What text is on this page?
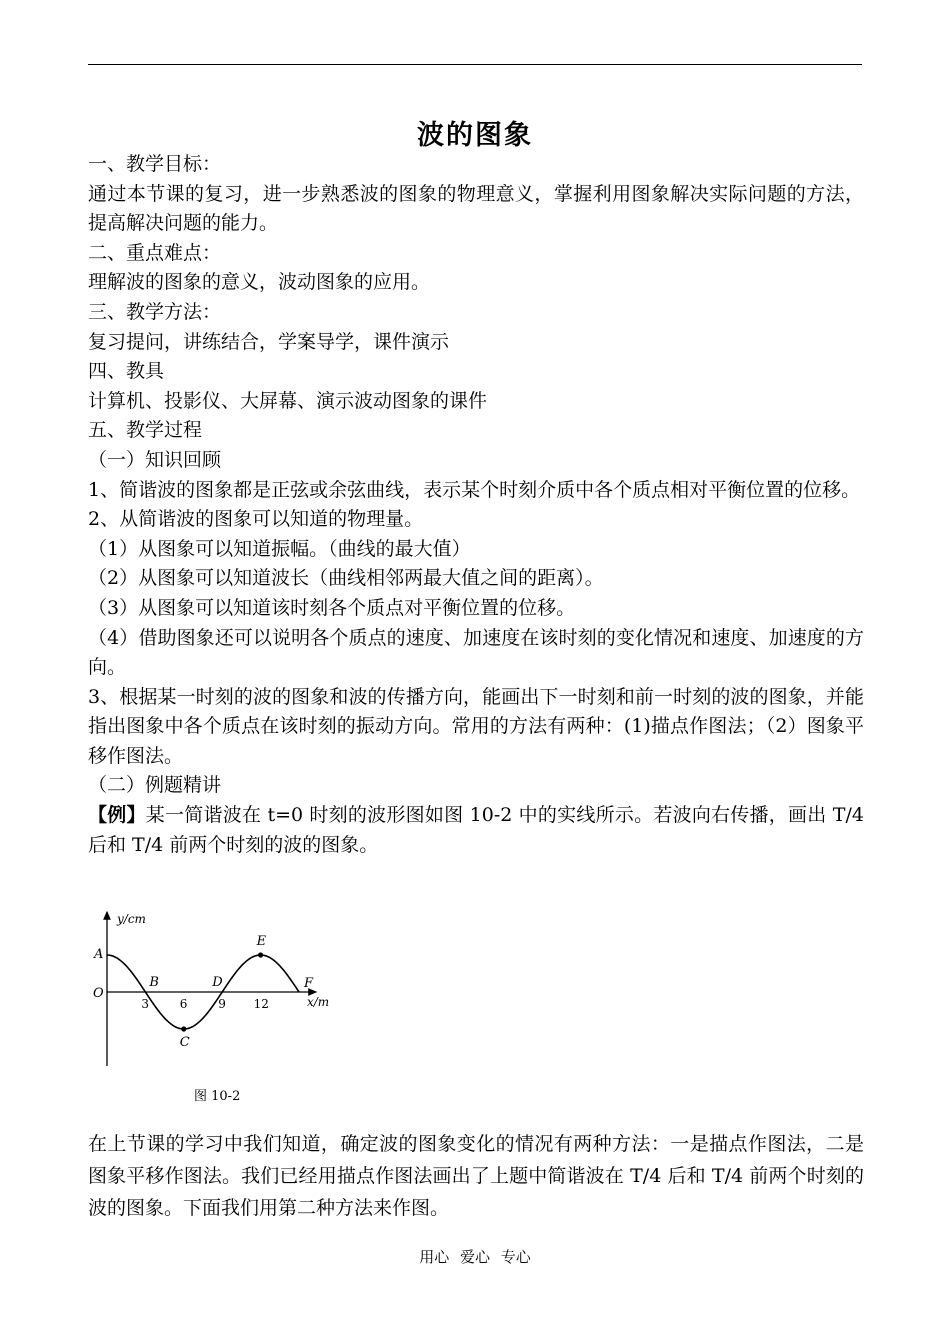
波的图象

一、教学目标：

通过本节课的复习，进一步熟悉波的图象的物理意义，掌握利用图象解决实际问题的方法，提高解决问题的能力。

二、重点难点：

理解波的图象的意义，波动图象的应用。

三、教学方法：

复习提问，讲练结合，学案导学，课件演示

四、教具

计算机、投影仪、大屏幕、演示波动图象的课件

五、教学过程

（一）知识回顾

1、简谐波的图象都是正弦或余弦曲线，表示某个时刻介质中各个质点相对平衡位置的位移。

2、从简谐波的图象可以知道的物理量。

（1）从图象可以知道振幅。（曲线的最大值）

（2）从图象可以知道波长（曲线相邻两最大值之间的距离）。

（3）从图象可以知道该时刻各个质点对平衡位置的位移。

（4）借助图象还可以说明各个质点的速度、加速度在该时刻的变化情况和速度、加速度的方向。

3、根据某一时刻的波的图象和波的传播方向，能画出下一时刻和前一时刻的波的图象，并能指出图象中各个质点在该时刻的振动方向。常用的方法有两种：(1)描点作图法；（2）图象平移作图法。

（二）例题精讲

【例】某一简谐波在 t=0 时刻的波形图如图 10-2 中的实线所示。若波向右传播，画出 T/4 后和 T/4 前两个时刻的波的图象。

y/cm
x/m
O
A
B
C
D
E
F
3	6	9 12
图 10-2

在上节课的学习中我们知道，确定波的图象变化的情况有两种方法：一是描点作图法，二是图象平移作图法。我们已经用描点作图法画出了上题中简谐波在 T/4 后和 T/4 前两个时刻的波的图象。下面我们用第二种方法来作图。

用心 爱心 专心
